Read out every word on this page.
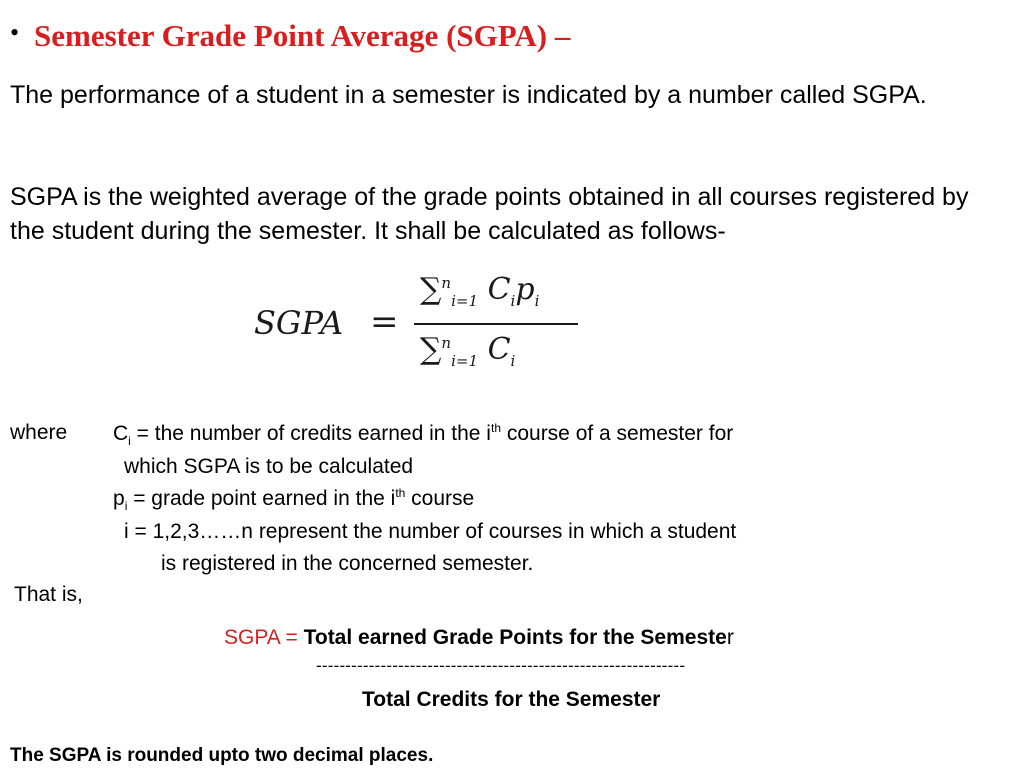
• Semester Grade Point Average (SGPA) –
The performance of a student in a semester is indicated by a number called SGPA.
SGPA is the weighted average of the grade points obtained in all courses registered by the student during the semester. It shall be calculated as follows-
SGPA =
∑$^n_{i=1}$ $C_ip_i$
∑$^n_{i=1}$ $C_i$
where $C_i$ = the number of credits earned in the $i^{th}$ course of a semester for
which SGPA is to be calculated
$p_i$ = grade point earned in the $i^{th}$ course
i = 1,2,3……n represent the number of courses in which a student
is registered in the concerned semester.
That is,
SGPA = Total earned Grade Points for the Semester
---------------------------------------------------------------
Total Credits for the Semester
The SGPA is rounded upto two decimal places.
